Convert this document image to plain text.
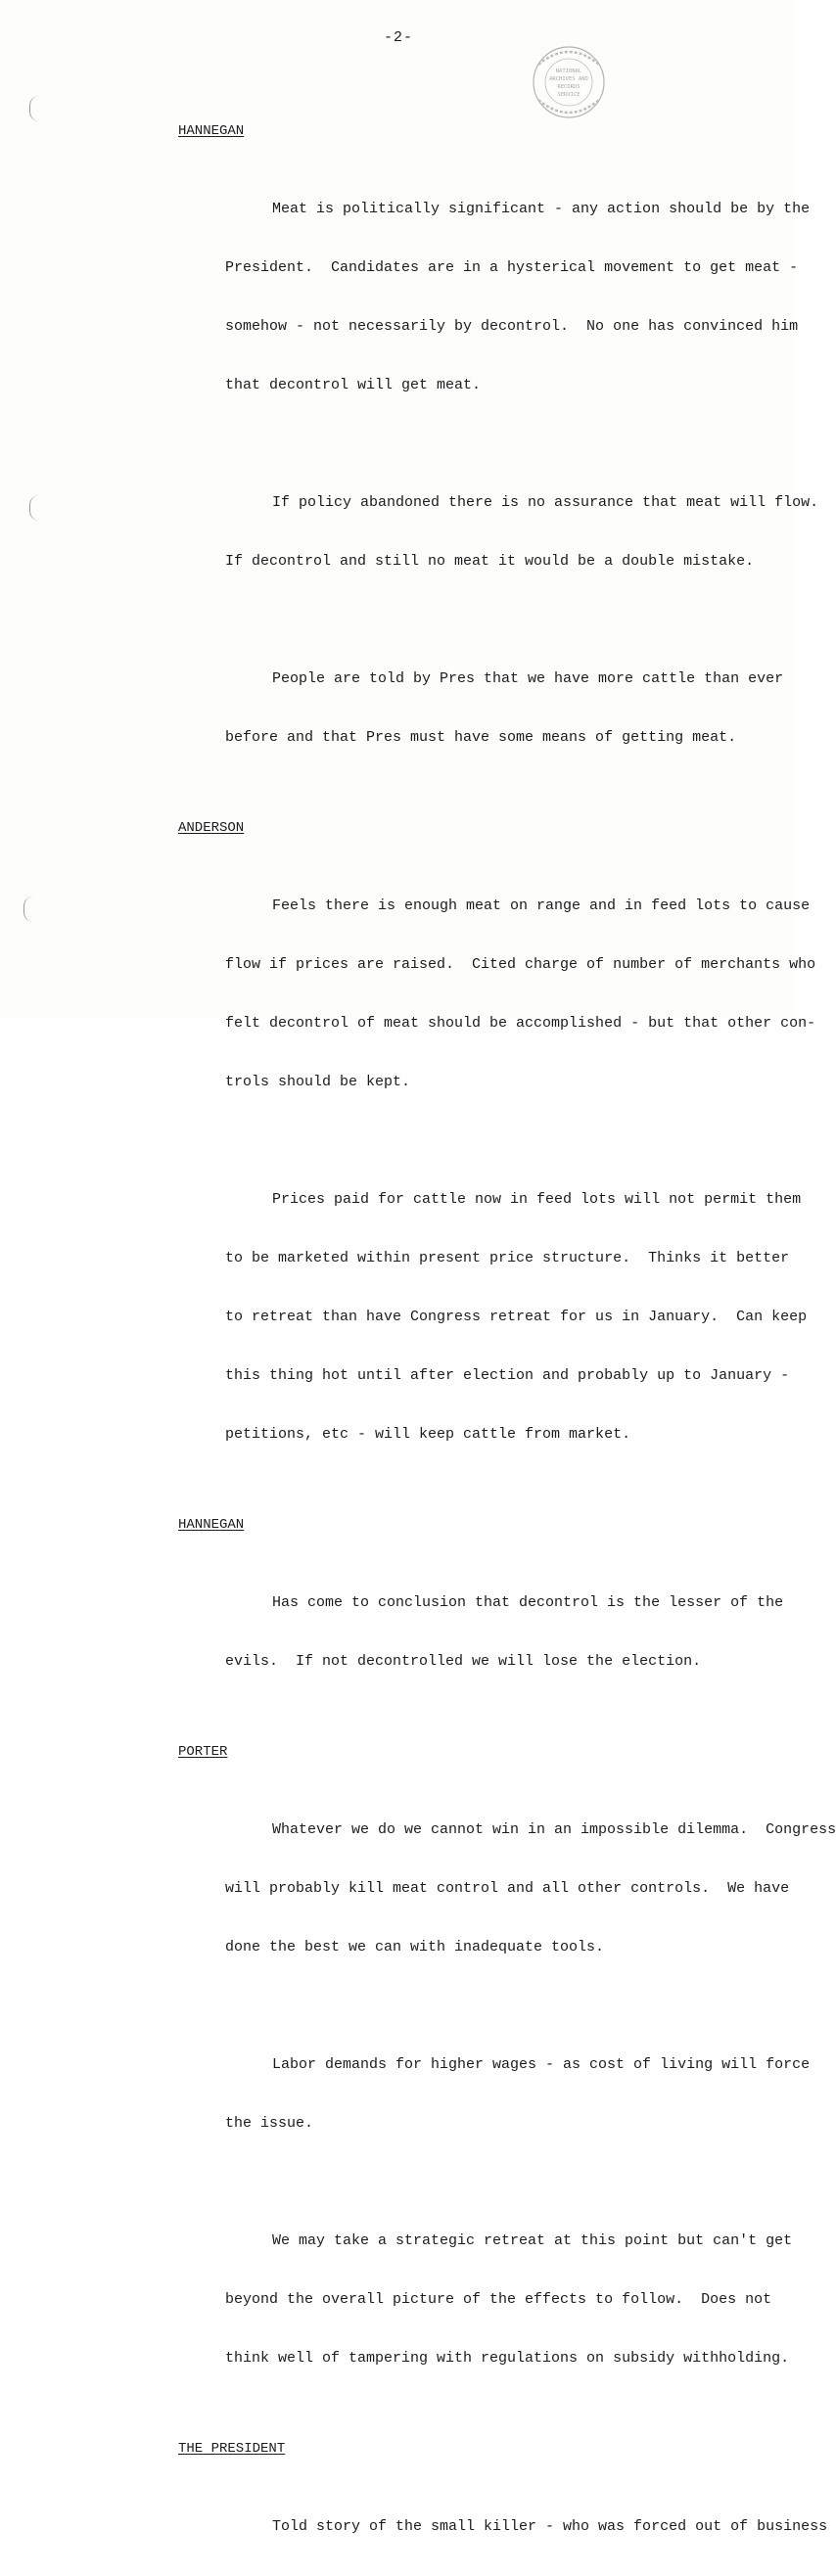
-2-
NATIONAL
ARCHIVES AND
RECORDS
SERVICE
HANNEGAN

Meat is politically significant - any action should be by the

President.  Candidates are in a hysterical movement to get meat -

somehow - not necessarily by decontrol.  No one has convinced him

that decontrol will get meat.

If policy abandoned there is no assurance that meat will flow.

If decontrol and still no meat it would be a double mistake.

People are told by Pres that we have more cattle than ever

before and that Pres must have some means of getting meat.

ANDERSON

Feels there is enough meat on range and in feed lots to cause

flow if prices are raised.  Cited charge of number of merchants who

felt decontrol of meat should be accomplished - but that other con-

trols should be kept.

Prices paid for cattle now in feed lots will not permit them

to be marketed within present price structure.  Thinks it better

to retreat than have Congress retreat for us in January.  Can keep

this thing hot until after election and probably up to January -

petitions, etc - will keep cattle from market.

HANNEGAN

Has come to conclusion that decontrol is the lesser of the

evils.  If not decontrolled we will lose the election.

PORTER

Whatever we do we cannot win in an impossible dilemma.  Congress

will probably kill meat control and all other controls.  We have

done the best we can with inadequate tools.

Labor demands for higher wages - as cost of living will force

the issue.

We may take a strategic retreat at this point but can't get

beyond the overall picture of the effects to follow.  Does not

think well of tampering with regulations on subsidy withholding.

THE PRESIDENT

Told story of the small killer - who was forced out of business
